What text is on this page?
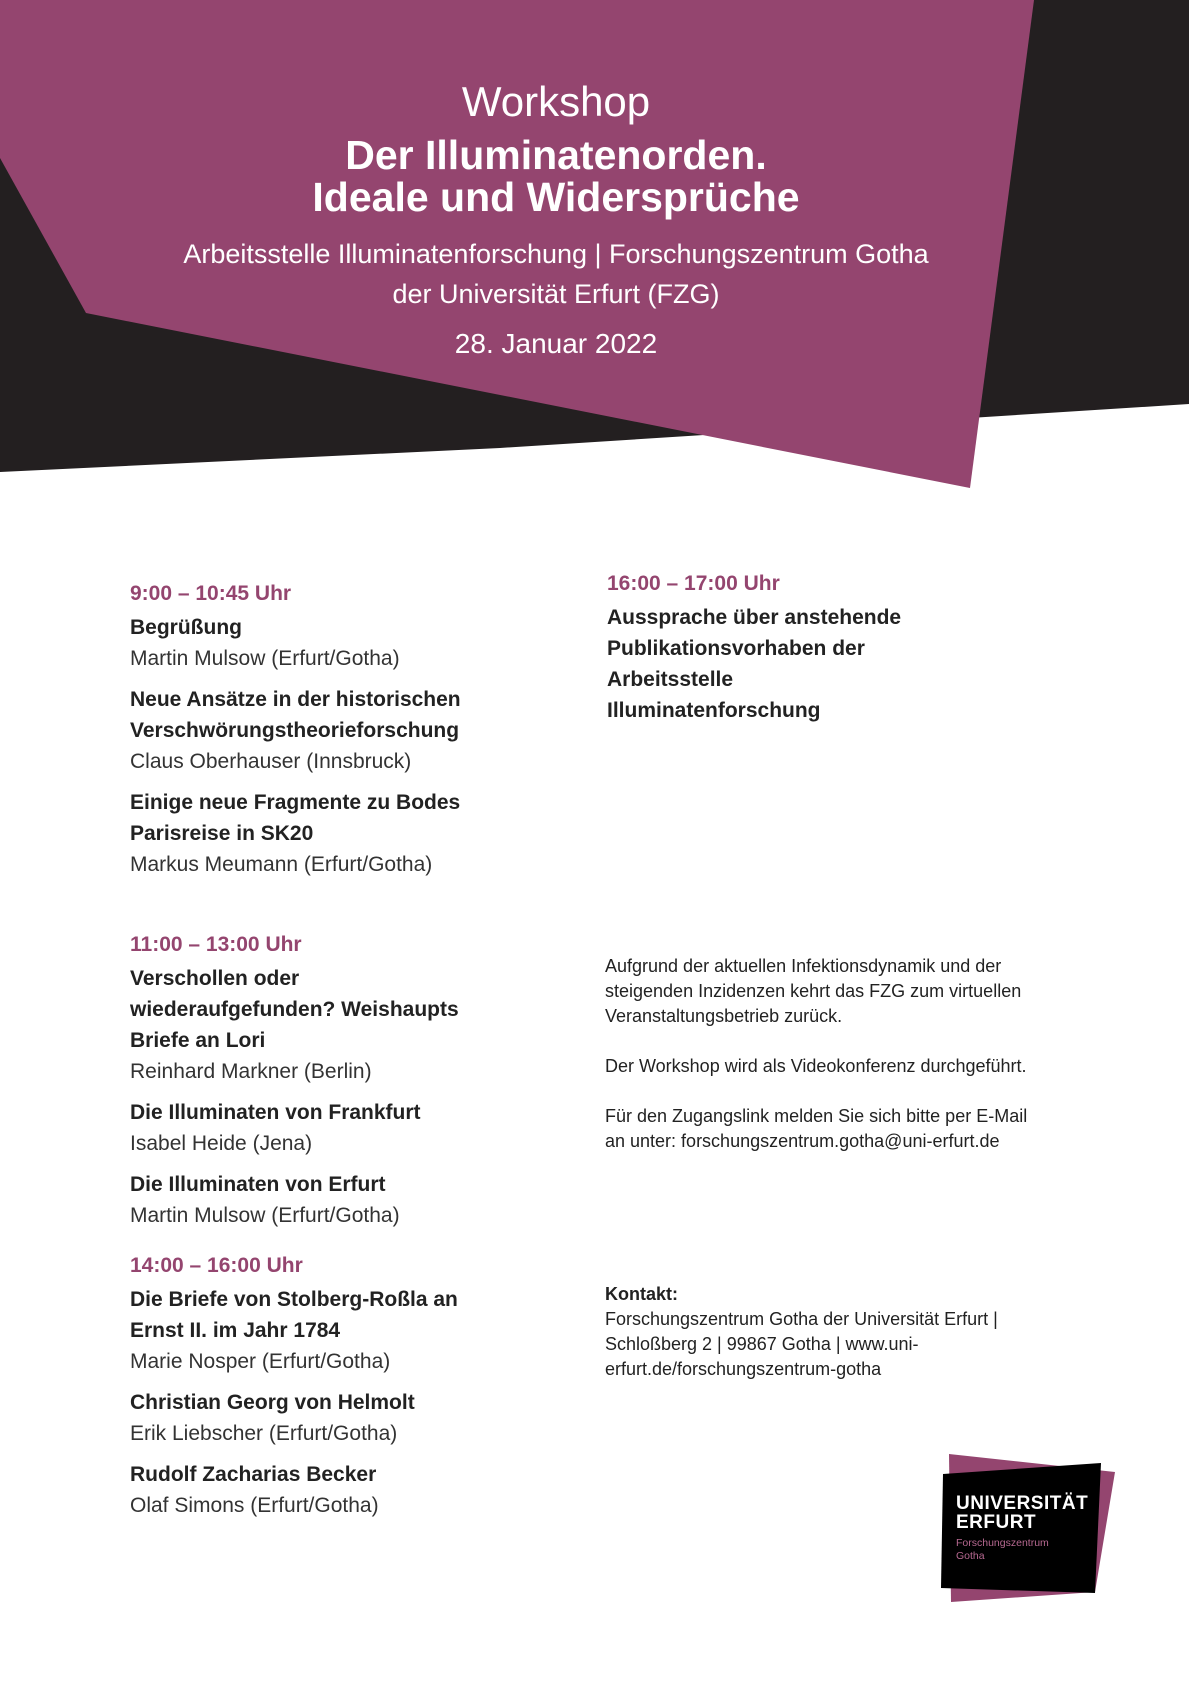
Workshop
Der Illuminatenorden.
Ideale und Widersprüche
Arbeitsstelle Illuminatenforschung | Forschungszentrum Gotha
der Universität Erfurt (FZG)
28. Januar 2022
9:00 – 10:45 Uhr
Begrüßung
Martin Mulsow (Erfurt/Gotha)
Neue Ansätze in der historischen Verschwörungstheorieforschung
Claus Oberhauser (Innsbruck)
Einige neue Fragmente zu Bodes Parisreise in SK20
Markus Meumann (Erfurt/Gotha)
11:00 – 13:00 Uhr
Verschollen oder wiederaufgefunden? Weishaupts Briefe an Lori
Reinhard Markner (Berlin)
Die Illuminaten von Frankfurt
Isabel Heide (Jena)
Die Illuminaten von Erfurt
Martin Mulsow (Erfurt/Gotha)
14:00 – 16:00 Uhr
Die Briefe von Stolberg-Roßla an Ernst II. im Jahr 1784
Marie Nosper (Erfurt/Gotha)
Christian Georg von Helmolt
Erik Liebscher (Erfurt/Gotha)
Rudolf Zacharias Becker
Olaf Simons (Erfurt/Gotha)
16:00 – 17:00 Uhr
Aussprache über anstehende Publikationsvorhaben der Arbeitsstelle Illuminatenforschung
Aufgrund der aktuellen Infektionsdynamik und der steigenden Inzidenzen kehrt das FZG zum virtuellen Veranstaltungsbetrieb zurück.
Der Workshop wird als Videokonferenz durchgeführt.
Für den Zugangslink melden Sie sich bitte per E-Mail an unter: forschungszentrum.gotha@uni-erfurt.de
Kontakt:
Forschungszentrum Gotha der Universität Erfurt | Schloßberg 2 | 99867 Gotha | www.uni-erfurt.de/forschungszentrum-gotha
UNIVERSITÄT
ERFURT
Forschungszentrum
Gotha
